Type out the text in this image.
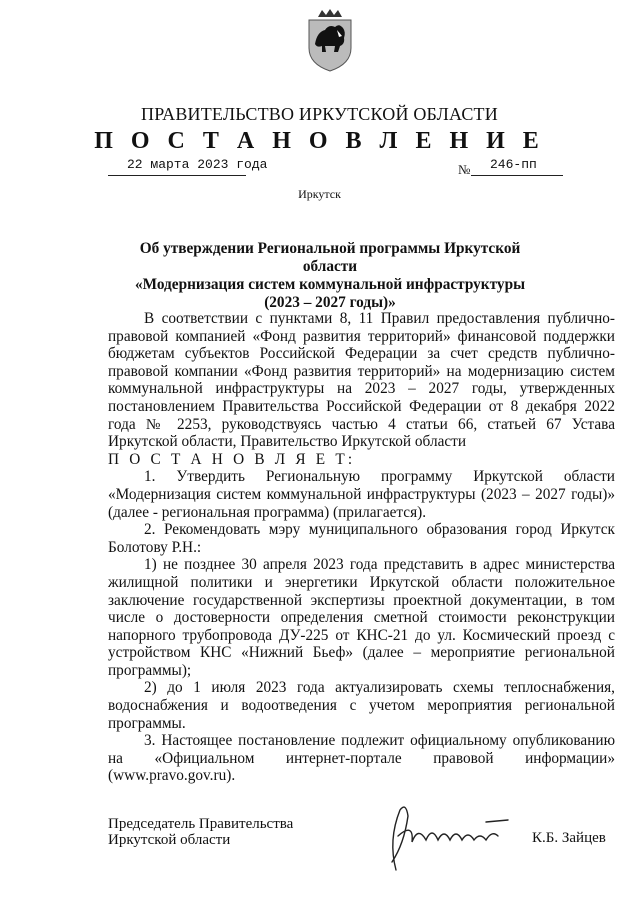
ПРАВИТЕЛЬСТВО ИРКУТСКОЙ ОБЛАСТИ
П О С Т А Н О В Л Е Н И Е
22 марта 2023 года	№ 246-пп
Иркутск
Об утверждении Региональной программы Иркутской области
«Модернизация систем коммунальной инфраструктуры
(2023 – 2027 годы)»

В соответствии с пунктами 8, 11 Правил предоставления публично-правовой компанией «Фонд развития территорий» финансовой поддержки бюджетам субъектов Российской Федерации за счет средств публично-правовой компании «Фонд развития территорий» на модернизацию систем коммунальной инфраструктуры на 2023 – 2027 годы, утвержденных постановлением Правительства Российской Федерации от 8 декабря 2022 года № 2253, руководствуясь частью 4 статьи 66, статьей 67 Устава Иркутской области, Правительство Иркутской области

П О С Т А Н О В Л Я Е Т:

1. Утвердить Региональную программу Иркутской области «Модернизация систем коммунальной инфраструктуры (2023 – 2027 годы)» (далее - региональная программа) (прилагается).

2. Рекомендовать мэру муниципального образования город Иркутск Болотову Р.Н.:

1) не позднее 30 апреля 2023 года представить в адрес министерства жилищной политики и энергетики Иркутской области положительное заключение государственной экспертизы проектной документации, в том числе о достоверности определения сметной стоимости реконструкции напорного трубопровода ДУ-225 от КНС-21 до ул. Космический проезд с устройством КНС «Нижний Бьеф» (далее – мероприятие региональной программы);

2) до 1 июля 2023 года актуализировать схемы теплоснабжения, водоснабжения и водоотведения с учетом мероприятия региональной программы.

3. Настоящее постановление подлежит официальному опубликованию на «Официальном интернет-портале правовой информации» (www.pravo.gov.ru).

Председатель Правительства
Иркутской области	К.Б. Зайцев
